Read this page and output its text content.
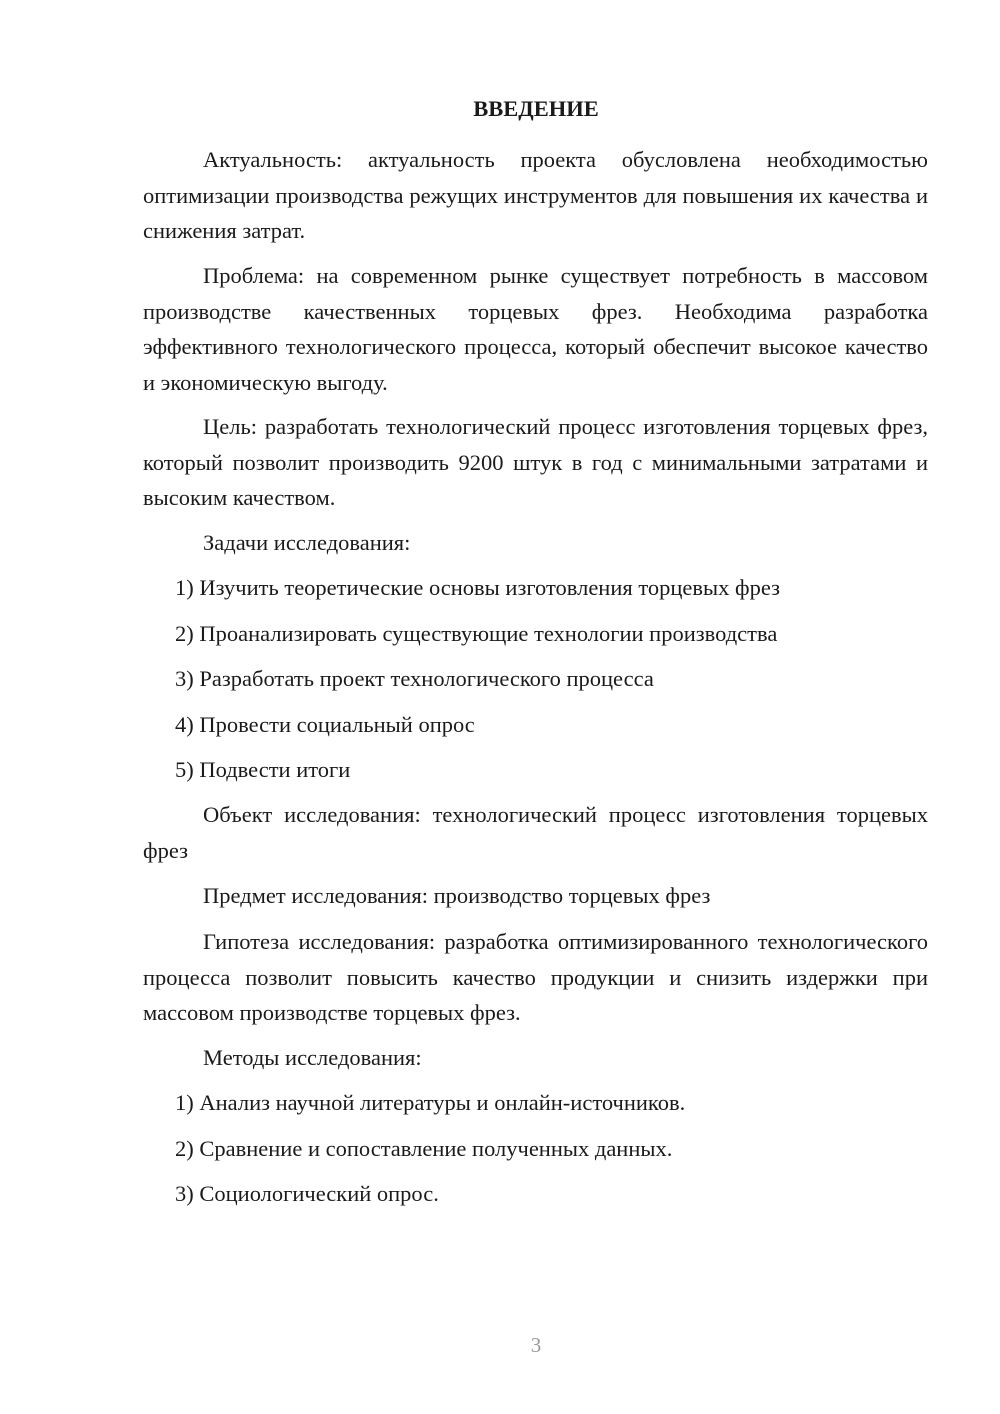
ВВЕДЕНИЕ

Актуальность: актуальность проекта обусловлена необходимостью оптимизации производства режущих инструментов для повышения их качества и снижения затрат.

Проблема: на современном рынке существует потребность в массовом производстве качественных торцевых фрез. Необходима разработка эффективного технологического процесса, который обеспечит высокое качество и экономическую выгоду.

Цель: разработать технологический процесс изготовления торцевых фрез, который позволит производить 9200 штук в год с минимальными затратами и высоким качеством.

Задачи исследования:

1) Изучить теоретические основы изготовления торцевых фрез

2) Проанализировать существующие технологии производства

3) Разработать проект технологического процесса

4) Провести социальный опрос

5) Подвести итоги

Объект исследования: технологический процесс изготовления торцевых фрез

Предмет исследования: производство торцевых фрез

Гипотеза исследования: разработка оптимизированного технологического процесса позволит повысить качество продукции и снизить издержки при массовом производстве торцевых фрез.

Методы исследования:

1) Анализ научной литературы и онлайн-источников.

2) Сравнение и сопоставление полученных данных.

3) Социологический опрос.

3
